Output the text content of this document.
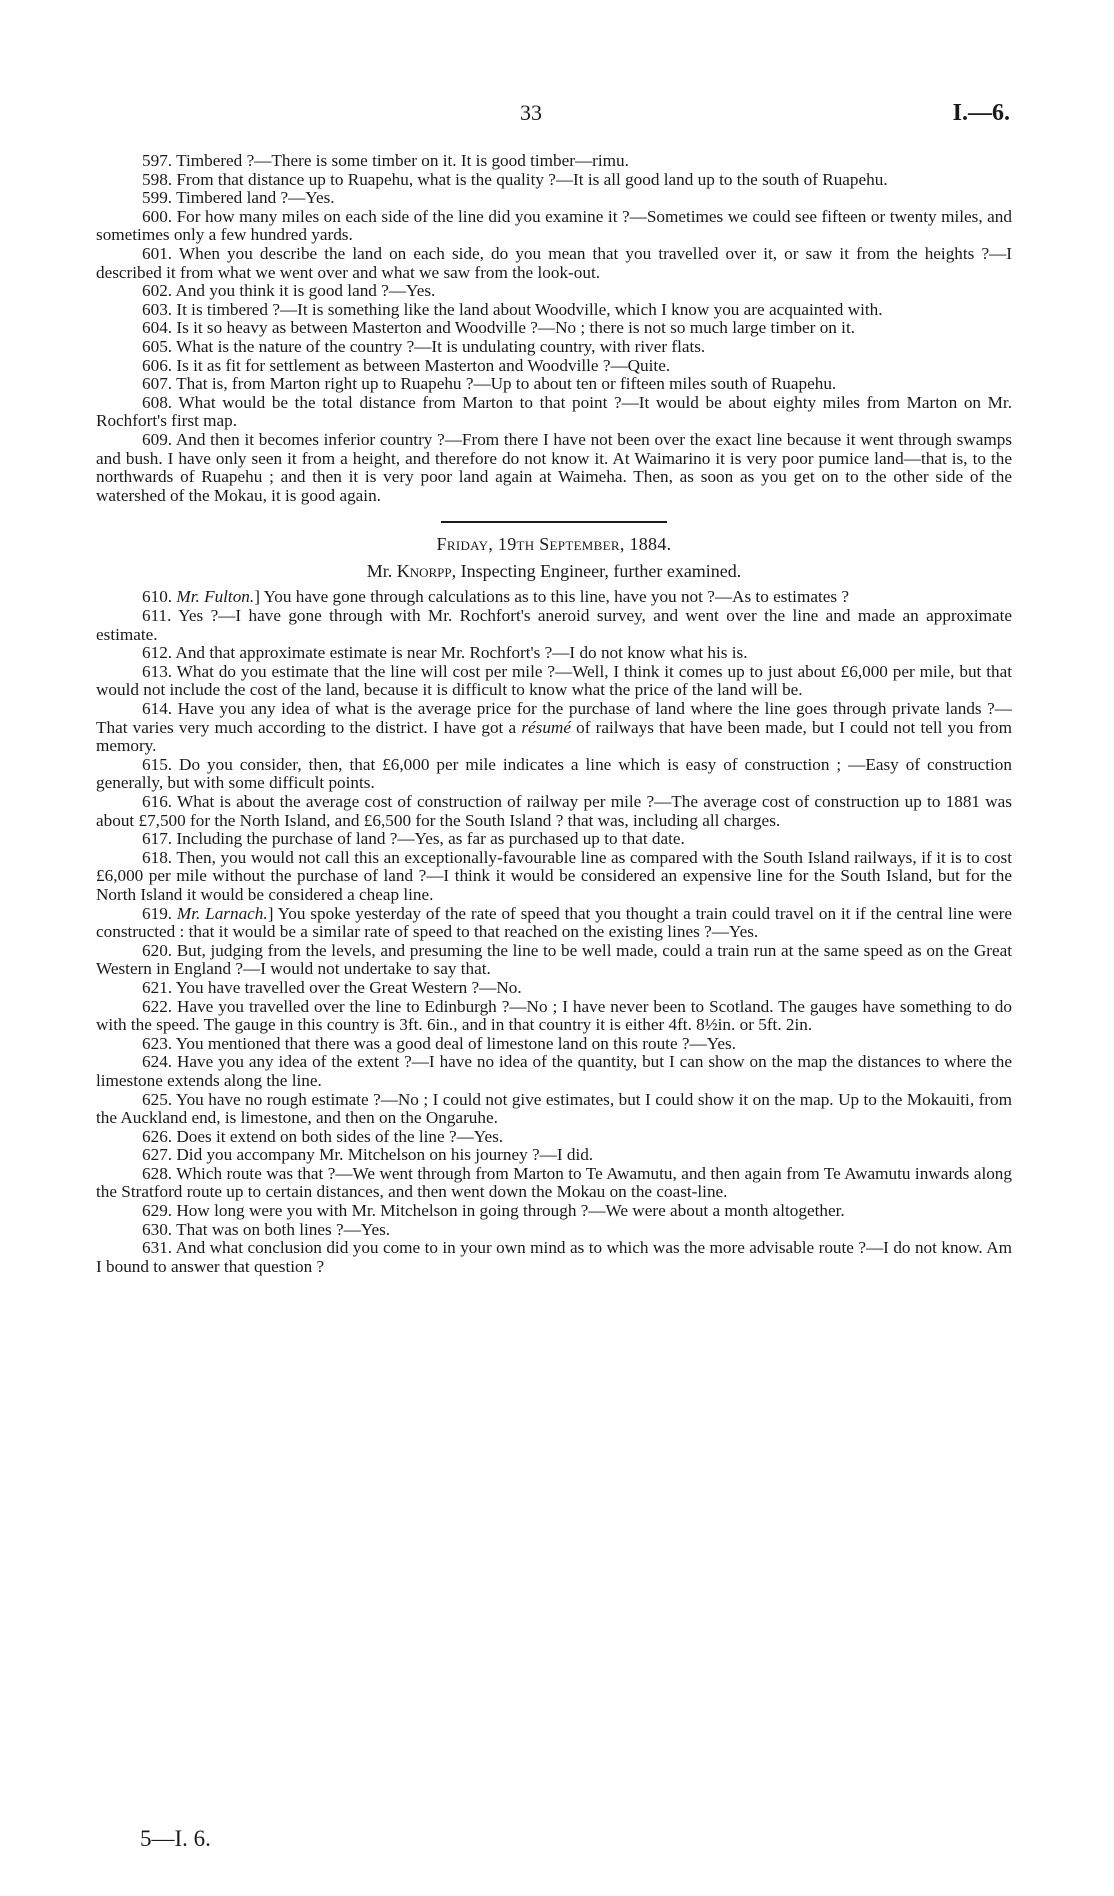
33	I.—6.

597. Timbered ?—There is some timber on it. It is good timber—rimu.

598. From that distance up to Ruapehu, what is the quality ?—It is all good land up to the south of Ruapehu.

599. Timbered land ?—Yes.

600. For how many miles on each side of the line did you examine it ?—Sometimes we could see fifteen or twenty miles, and sometimes only a few hundred yards.

601. When you describe the land on each side, do you mean that you travelled over it, or saw it from the heights ?—I described it from what we went over and what we saw from the look-out.

602. And you think it is good land ?—Yes.

603. It is timbered ?—It is something like the land about Woodville, which I know you are acquainted with.

604. Is it so heavy as between Masterton and Woodville ?—No ; there is not so much large timber on it.

605. What is the nature of the country ?—It is undulating country, with river flats.

606. Is it as fit for settlement as between Masterton and Woodville ?—Quite.

607. That is, from Marton right up to Ruapehu ?—Up to about ten or fifteen miles south of Ruapehu.

608. What would be the total distance from Marton to that point ?—It would be about eighty miles from Marton on Mr. Rochfort's first map.

609. And then it becomes inferior country ?—From there I have not been over the exact line because it went through swamps and bush. I have only seen it from a height, and therefore do not know it. At Waimarino it is very poor pumice land—that is, to the northwards of Ruapehu ; and then it is very poor land again at Waimeha. Then, as soon as you get on to the other side of the watershed of the Mokau, it is good again.

Friday, 19th September, 1884.
Mr. Knorpp, Inspecting Engineer, further examined.

610. Mr. Fulton.] You have gone through calculations as to this line, have you not ?—As to estimates ?

611. Yes ?—I have gone through with Mr. Rochfort's aneroid survey, and went over the line and made an approximate estimate.

612. And that approximate estimate is near Mr. Rochfort's ?—I do not know what his is.

613. What do you estimate that the line will cost per mile ?—Well, I think it comes up to just about £6,000 per mile, but that would not include the cost of the land, because it is difficult to know what the price of the land will be.

614. Have you any idea of what is the average price for the purchase of land where the line goes through private lands ?—That varies very much according to the district. I have got a résumé of railways that have been made, but I could not tell you from memory.

615. Do you consider, then, that £6,000 per mile indicates a line which is easy of construction ; —Easy of construction generally, but with some difficult points.

616. What is about the average cost of construction of railway per mile ?—The average cost of construction up to 1881 was about £7,500 for the North Island, and £6,500 for the South Island ? that was, including all charges.

617. Including the purchase of land ?—Yes, as far as purchased up to that date.

618. Then, you would not call this an exceptionally-favourable line as compared with the South Island railways, if it is to cost £6,000 per mile without the purchase of land ?—I think it would be considered an expensive line for the South Island, but for the North Island it would be considered a cheap line.

619. Mr. Larnach.] You spoke yesterday of the rate of speed that you thought a train could travel on it if the central line were constructed : that it would be a similar rate of speed to that reached on the existing lines ?—Yes.

620. But, judging from the levels, and presuming the line to be well made, could a train run at the same speed as on the Great Western in England ?—I would not undertake to say that.

621. You have travelled over the Great Western ?—No.

622. Have you travelled over the line to Edinburgh ?—No ; I have never been to Scotland. The gauges have something to do with the speed. The gauge in this country is 3ft. 6in., and in that country it is either 4ft. 8½in. or 5ft. 2in.

623. You mentioned that there was a good deal of limestone land on this route ?—Yes.

624. Have you any idea of the extent ?—I have no idea of the quantity, but I can show on the map the distances to where the limestone extends along the line.

625. You have no rough estimate ?—No ; I could not give estimates, but I could show it on the map. Up to the Mokauiti, from the Auckland end, is limestone, and then on the Ongaruhe.

626. Does it extend on both sides of the line ?—Yes.

627. Did you accompany Mr. Mitchelson on his journey ?—I did.

628. Which route was that ?—We went through from Marton to Te Awamutu, and then again from Te Awamutu inwards along the Stratford route up to certain distances, and then went down the Mokau on the coast-line.

629. How long were you with Mr. Mitchelson in going through ?—We were about a month altogether.

630. That was on both lines ?—Yes.

631. And what conclusion did you come to in your own mind as to which was the more advisable route ?—I do not know. Am I bound to answer that question ?

5—I. 6.
